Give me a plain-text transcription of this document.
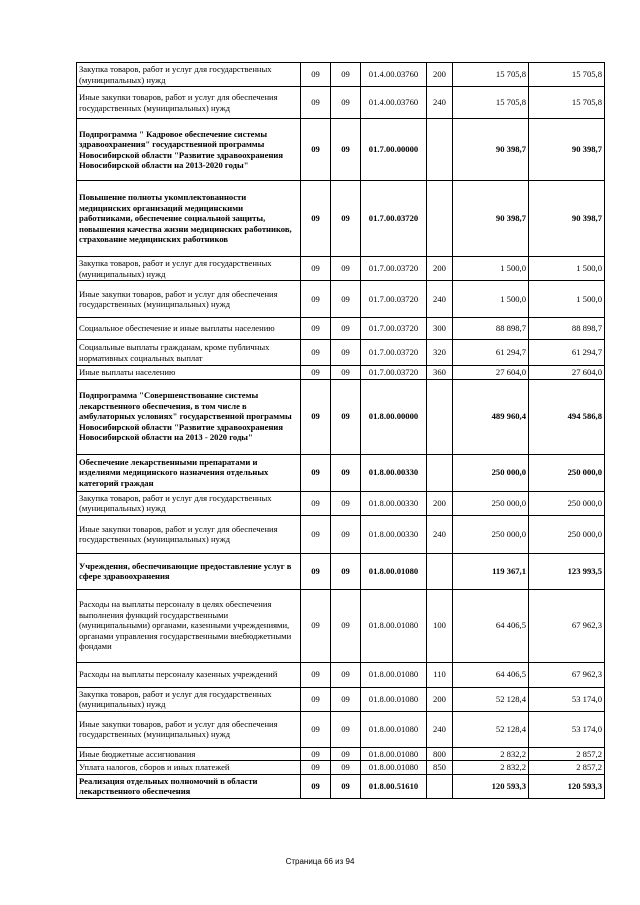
Закупка товаров, работ и услуг для государственных (муниципальных) нужд	09	09	01.4.00.03760	200	15 705,8	15 705,8
Иные закупки товаров, работ и услуг для обеспечения государственных (муниципальных) нужд	09	09	01.4.00.03760	240	15 705,8	15 705,8
Подпрограмма " Кадровое обеспечение системы здравоохранения" государственной программы Новосибирской области "Развитие здравоохранения Новосибирской области на 2013-2020 годы"	09	09	01.7.00.00000		90 398,7	90 398,7
Повышение полноты укомплектованности медицинских организаций медицинскими работниками, обеспечение социальной защиты, повышения качества жизни медицинских работников, страхование медицинских работников	09	09	01.7.00.03720		90 398,7	90 398,7
Закупка товаров, работ и услуг для государственных (муниципальных) нужд	09	09	01.7.00.03720	200	1 500,0	1 500,0
Иные закупки товаров, работ и услуг для обеспечения государственных (муниципальных) нужд	09	09	01.7.00.03720	240	1 500,0	1 500,0
Социальное обеспечение и иные выплаты населению	09	09	01.7.00.03720	300	88 898,7	88 898,7
Социальные выплаты гражданам, кроме публичных нормативных социальных выплат	09	09	01.7.00.03720	320	61 294,7	61 294,7
Иные выплаты населению	09	09	01.7.00.03720	360	27 604,0	27 604,0
Подпрограмма "Совершенствование системы лекарственного обеспечения, в том числе в амбулаторных условиях" государственной программы Новосибирской области "Развитие здравоохранения Новосибирской области на 2013 - 2020 годы"	09	09	01.8.00.00000		489 960,4	494 586,8
Обеспечение лекарственными препаратами и изделиями медицинского назначения отдельных категорий граждан	09	09	01.8.00.00330		250 000,0	250 000,0
Закупка товаров, работ и услуг для государственных (муниципальных) нужд	09	09	01.8.00.00330	200	250 000,0	250 000,0
Иные закупки товаров, работ и услуг для обеспечения государственных (муниципальных) нужд	09	09	01.8.00.00330	240	250 000,0	250 000,0
Учреждения, обеспечивающие предоставление услуг в сфере здравоохранения	09	09	01.8.00.01080		119 367,1	123 993,5
Расходы на выплаты персоналу в целях обеспечения выполнения функций государственными (муниципальными) органами, казенными учреждениями, органами управления государственными внебюджетными фондами	09	09	01.8.00.01080	100	64 406,5	67 962,3
Расходы на выплаты персоналу казенных учреждений	09	09	01.8.00.01080	110	64 406,5	67 962,3
Закупка товаров, работ и услуг для государственных (муниципальных) нужд	09	09	01.8.00.01080	200	52 128,4	53 174,0
Иные закупки товаров, работ и услуг для обеспечения государственных (муниципальных) нужд	09	09	01.8.00.01080	240	52 128,4	53 174,0
Иные бюджетные ассигнования	09	09	01.8.00.01080	800	2 832,2	2 857,2
Уплата налогов, сборов и иных платежей	09	09	01.8.00.01080	850	2 832,2	2 857,2
Реализация отдельных полномочий в области лекарственного обеспечения	09	09	01.8.00.51610		120 593,3	120 593,3
Страница 66 из 94
